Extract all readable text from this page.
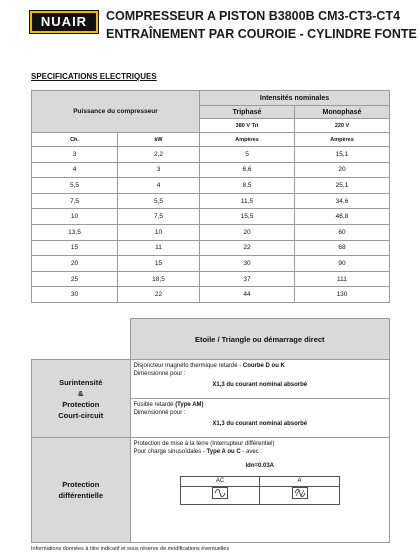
NUAIR	COMPRESSEUR A PISTON B3800B CM3-CT3-CT4
ENTRAÎNEMENT PAR COUROIE - CYLINDRE FONTE
SPECIFICATIONS ELECTRIQUES
Puissance du compresseur		Intensités nominales	
		Triphasé	Monophasé
		380 V Tri	220 V
Ch.	kW	Ampères	Ampères
3	2,2	5	15,1
4	3	6,6	20
5,5	4	8,5	25,1
7,5	5,5	11,5	34,6
10	7,5	15,5	46,8
13,5	10	20	60
15	11	22	68
20	15	30	90
25	18,5	37	111
30	22	44	130
	Etoile / Triangle ou démarrage direct
Surintensité
&
Protection
Court-circuit	Disjoncteur magnéto thermique retardé - Courbe D ou K
Dimensionné pour :
X1,3 du courant nominal absorbé

Fusible retardé (Type AM)
Dimensionné pour :
X1,3 du courant nominal absorbé

Protection
différentielle	Protection de mise à la terre (Interrupteur différentiel)
Pour charge sinusoïdales - Type A ou C - avec :
Idn=0.03A
AC	A

Informations données à titre indicatif et sous réserve de modifications éventuelles
